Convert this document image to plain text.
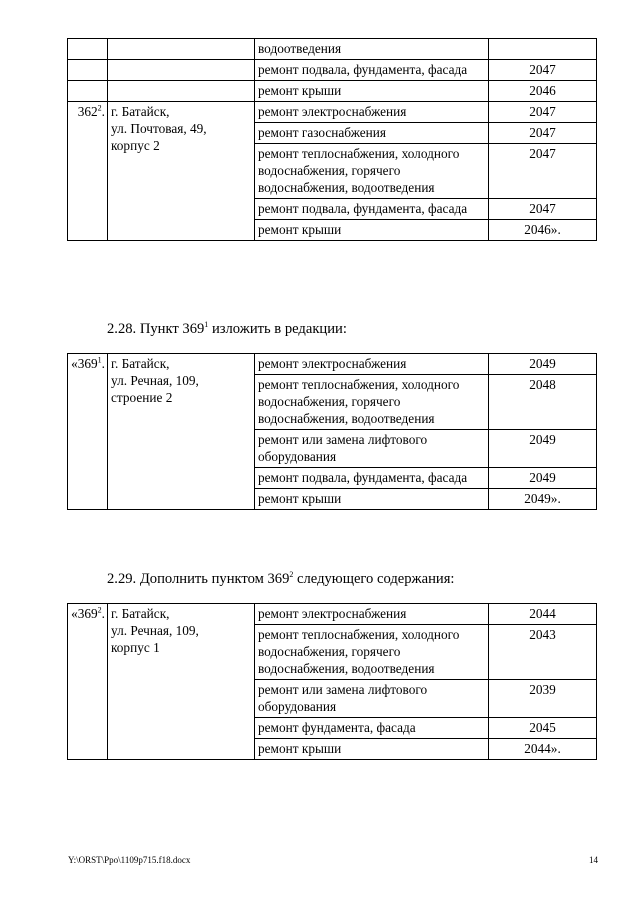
		водоотведения	
		ремонт подвала, фундамента, фасада	2047
		ремонт крыши	2046
$362^2$.	г. Батайск,
ул. Почтовая, 49,
корпус 2	ремонт электроснабжения	2047
		ремонт газоснабжения	2047
		ремонт теплоснабжения, холодного водоснабжения, горячего водоснабжения, водоотведения	2047
		ремонт подвала, фундамента, фасада	2047
		ремонт крыши	2046».

2.28. Пункт $369^1$ изложить в редакции:

«$369^1$.	г. Батайск,
ул. Речная, 109,
строение 2	ремонт электроснабжения	2049
		ремонт теплоснабжения, холодного водоснабжения, горячего водоснабжения, водоотведения	2048
		ремонт или замена лифтового оборудования	2049
		ремонт подвала, фундамента, фасада	2049
		ремонт крыши	2049».

2.29. Дополнить пунктом $369^2$ следующего содержания:

«$369^2$.	г. Батайск,
ул. Речная, 109,
корпус 1	ремонт электроснабжения	2044
		ремонт теплоснабжения, холодного водоснабжения, горячего водоснабжения, водоотведения	2043
		ремонт или замена лифтового оборудования	2039
		ремонт фундамента, фасада	2045
		ремонт крыши	2044».
Y:\ORST\Ppo\1109p715.f18.docx	14
